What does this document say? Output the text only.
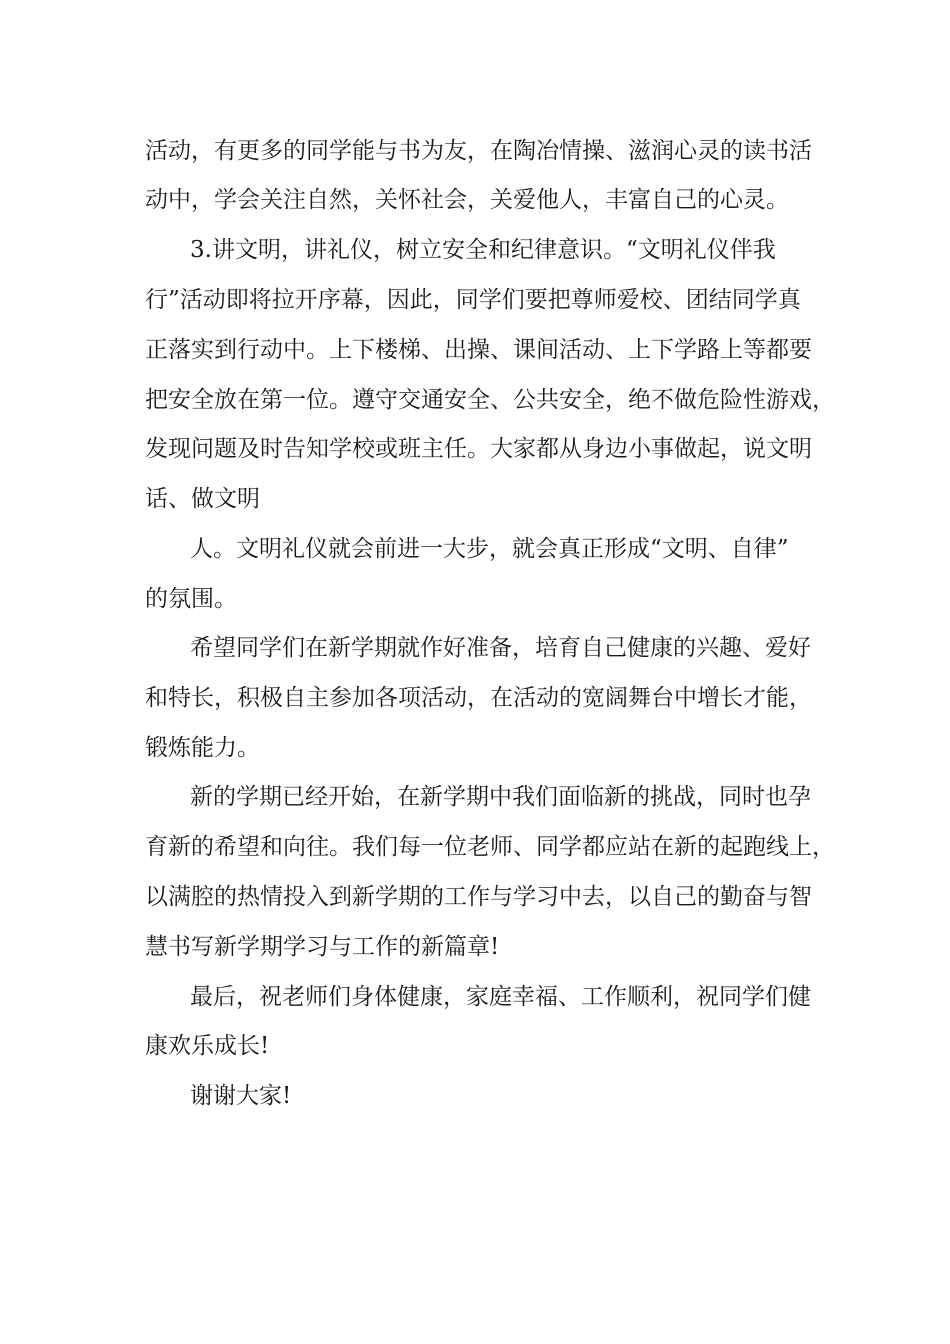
活动，有更多的同学能与书为友，在陶冶情操、滋润心灵的读书活

动中，学会关注自然，关怀社会，关爱他人，丰富自己的心灵。

3.讲文明，讲礼仪，树立安全和纪律意识。“文明礼仪伴我

行”活动即将拉开序幕，因此，同学们要把尊师爱校、团结同学真

正落实到行动中。上下楼梯、出操、课间活动、上下学路上等都要

把安全放在第一位。遵守交通安全、公共安全，绝不做危险性游戏，

发现问题及时告知学校或班主任。大家都从身边小事做起，说文明

话、做文明

人。文明礼仪就会前进一大步，就会真正形成“文明、自律”

的氛围。

希望同学们在新学期就作好准备，培育自己健康的兴趣、爱好

和特长，积极自主参加各项活动，在活动的宽阔舞台中增长才能，

锻炼能力。

新的学期已经开始，在新学期中我们面临新的挑战，同时也孕

育新的希望和向往。我们每一位老师、同学都应站在新的起跑线上，

以满腔的热情投入到新学期的工作与学习中去，以自己的勤奋与智

慧书写新学期学习与工作的新篇章!

最后，祝老师们身体健康，家庭幸福、工作顺利，祝同学们健

康欢乐成长!

谢谢大家!
